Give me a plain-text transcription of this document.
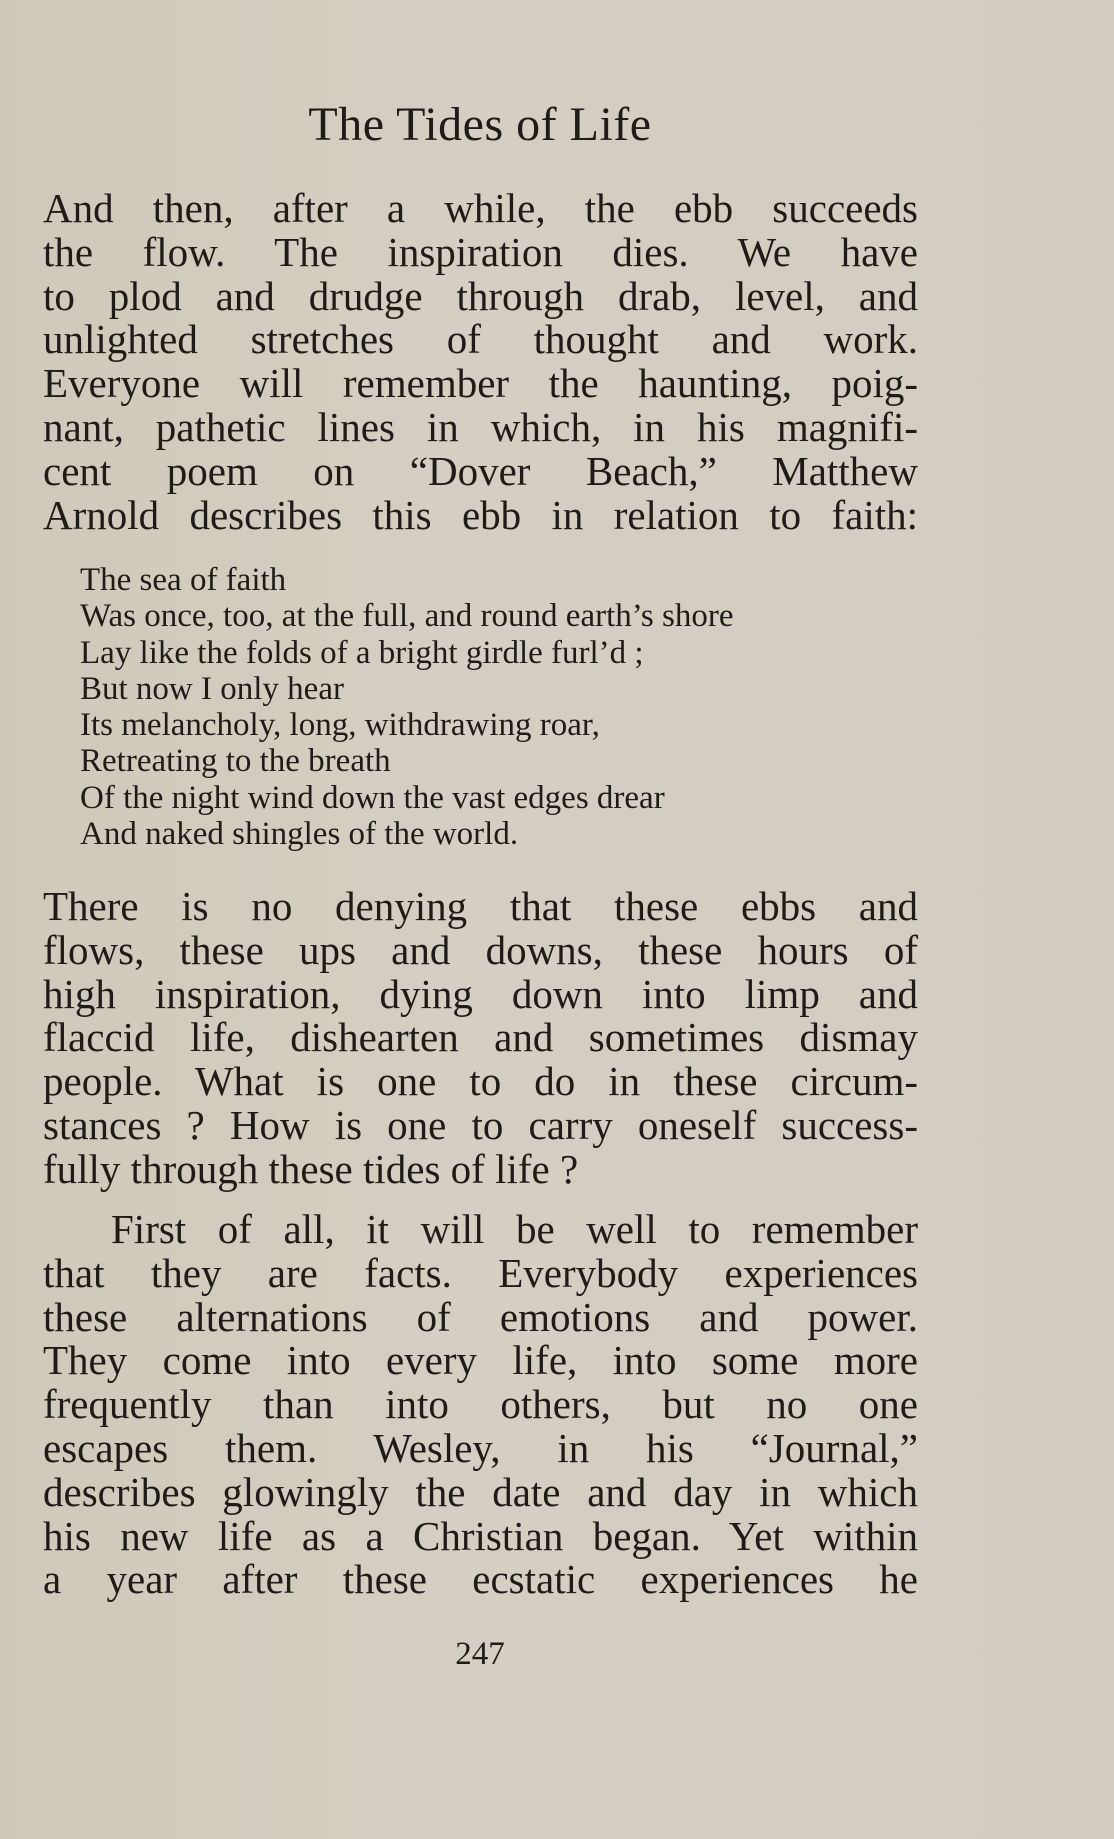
The Tides of Life
And then, after a while, the ebb succeeds
the flow. The inspiration dies. We have
to plod and drudge through drab, level, and
unlighted stretches of thought and work.
Everyone will remember the haunting, poig-
nant, pathetic lines in which, in his magnifi-
cent poem on “Dover Beach,” Matthew
Arnold describes this ebb in relation to faith:
The sea of faith
Was once, too, at the full, and round earth’s shore
Lay like the folds of a bright girdle furl’d ;
But now I only hear
Its melancholy, long, withdrawing roar,
Retreating to the breath
Of the night wind down the vast edges drear
And naked shingles of the world.
There is no denying that these ebbs and
flows, these ups and downs, these hours of
high inspiration, dying down into limp and
flaccid life, dishearten and sometimes dismay
people. What is one to do in these circum-
stances ? How is one to carry oneself success-
fully through these tides of life ?
First of all, it will be well to remember
that they are facts. Everybody experiences
these alternations of emotions and power.
They come into every life, into some more
frequently than into others, but no one
escapes them. Wesley, in his “Journal,”
describes glowingly the date and day in which
his new life as a Christian began. Yet within
a year after these ecstatic experiences he
247
